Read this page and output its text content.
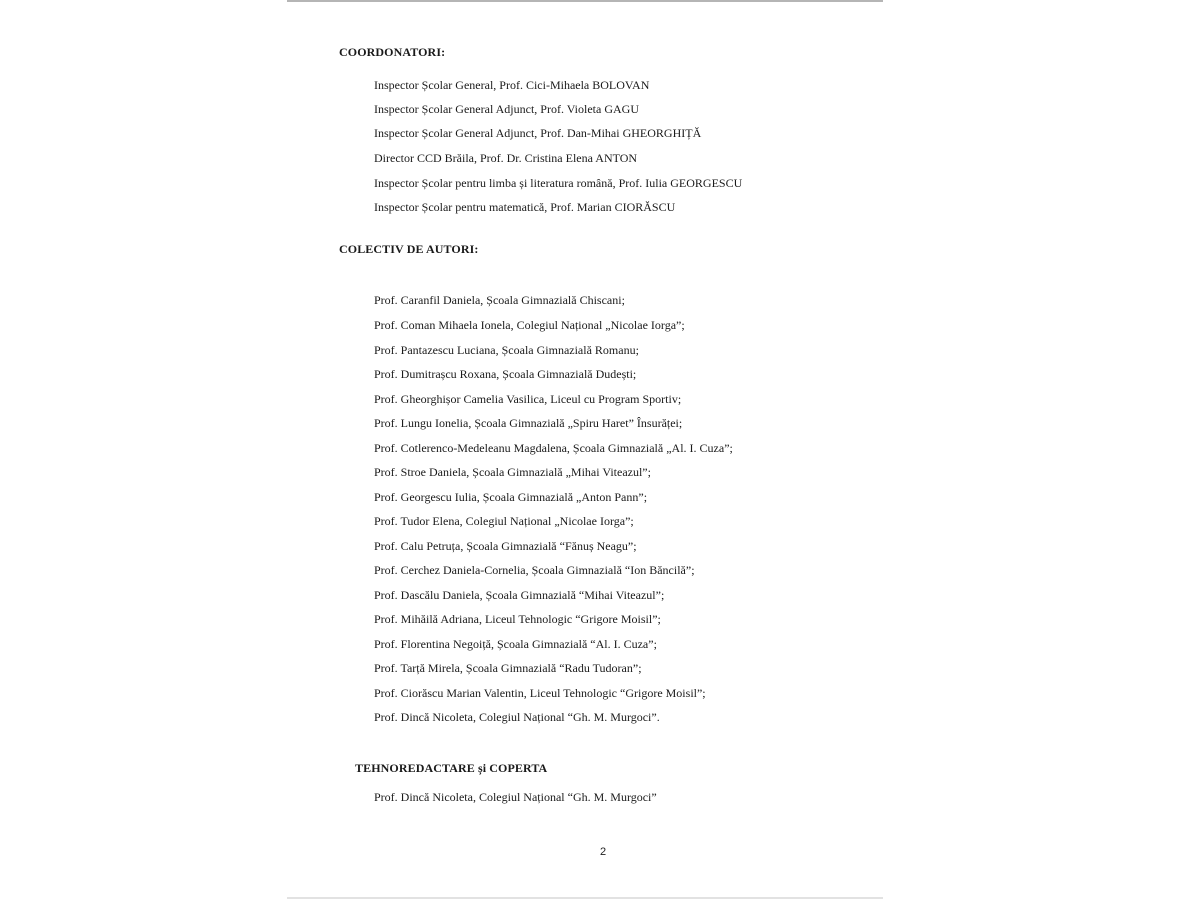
COORDONATORI:
Inspector Școlar General, Prof. Cici-Mihaela BOLOVAN
Inspector Școlar General Adjunct, Prof. Violeta GAGU
Inspector Școlar General Adjunct, Prof. Dan-Mihai GHEORGHIȚĂ
Director CCD Brăila, Prof. Dr. Cristina Elena ANTON
Inspector Școlar pentru limba și literatura română, Prof. Iulia GEORGESCU
Inspector Școlar pentru matematică, Prof. Marian CIORĂSCU
COLECTIV DE AUTORI:
Prof. Caranfil Daniela, Școala Gimnazială Chiscani;
Prof. Coman Mihaela Ionela, Colegiul Național „Nicolae Iorga”;
Prof. Pantazescu Luciana, Școala Gimnazială Romanu;
Prof. Dumitrașcu Roxana, Școala Gimnazială Dudești;
Prof. Gheorghișor Camelia Vasilica, Liceul cu Program Sportiv;
Prof. Lungu Ionelia, Școala Gimnazială „Spiru Haret” Însurăței;
Prof. Cotlerenco-Medeleanu Magdalena, Școala Gimnazială „Al. I. Cuza”;
Prof. Stroe Daniela, Școala Gimnazială „Mihai Viteazul”;
Prof. Georgescu Iulia, Școala Gimnazială „Anton Pann”;
Prof. Tudor Elena, Colegiul Național „Nicolae Iorga”;
Prof. Calu Petruța, Școala Gimnazială “Fănuș Neagu”;
Prof. Cerchez Daniela-Cornelia, Școala Gimnazială “Ion Băncilă”;
Prof. Dascălu Daniela, Școala Gimnazială “Mihai Viteazul”;
Prof. Mihăilă Adriana, Liceul Tehnologic “Grigore Moisil”;
Prof. Florentina Negoiță, Școala Gimnazială “Al. I. Cuza”;
Prof. Tarță Mirela, Școala Gimnazială “Radu Tudoran”;
Prof. Ciorăscu Marian Valentin, Liceul Tehnologic “Grigore Moisil”;
Prof. Dincă Nicoleta, Colegiul Național “Gh. M. Murgoci”.
TEHNOREDACTARE și COPERTA
Prof. Dincă Nicoleta, Colegiul Național “Gh. M. Murgoci”
2
